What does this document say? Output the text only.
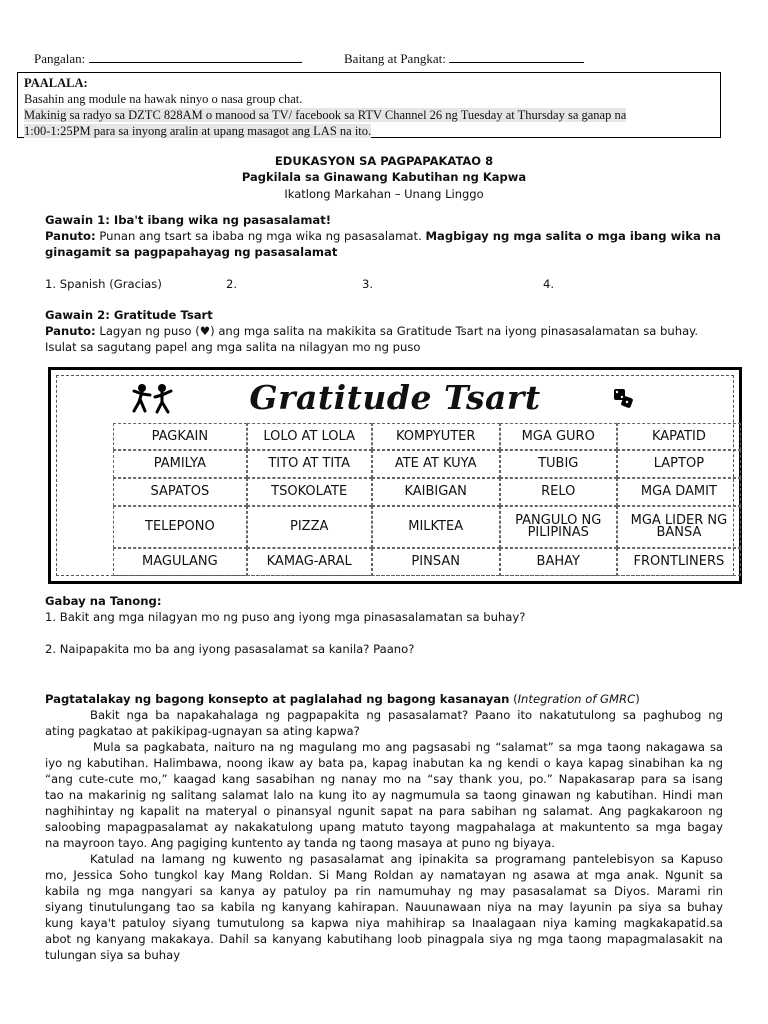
Pangalan:	Baitang at Pangkat:
PAALALA:
Basahin ang module na hawak ninyo o nasa group chat.
Makinig sa radyo sa DZTC 828AM o manood sa TV/ facebook sa RTV Channel 26 ng Tuesday at Thursday sa ganap na
1:00-1:25PM para sa inyong aralin at upang masagot ang LAS na ito.
EDUKASYON SA PAGPAPAKATAO 8
Pagkilala sa Ginawang Kabutihan ng Kapwa
Ikatlong Markahan – Unang Linggo
Gawain 1: Iba't ibang wika ng pasasalamat!
Panuto: Punan ang tsart sa ibaba ng mga wika ng pasasalamat. Magbigay ng mga salita o mga ibang wika na
ginagamit sa pagpapahayag ng pasasalamat
1. Spanish (Gracias)	2.	3.	4.
Gawain 2: Gratitude Tsart
Panuto: Lagyan ng puso (♥) ang mga salita na makikita sa Gratitude Tsart na iyong pinasasalamatan sa buhay.
Isulat sa sagutang papel ang mga salita na nilagyan mo ng puso
Gratitude Tsart
PAGKAIN	LOLO AT LOLA	KOMPYUTER	MGA GURO	KAPATID
PAMILYA	TITO AT TITA	ATE AT KUYA	TUBIG	LAPTOP
SAPATOS	TSOKOLATE	KAIBIGAN	RELO	MGA DAMIT
TELEPONO	PIZZA	MILKTEA	PANGULO NG PILIPINAS	MGA LIDER NG BANSA
MAGULANG	KAMAG-ARAL	PINSAN	BAHAY	FRONTLINERS
Gabay na Tanong:
1. Bakit ang mga nilagyan mo ng puso ang iyong mga pinasasalamatan sa buhay?
2. Naipapakita mo ba ang iyong pasasalamat sa kanila? Paano?
Pagtatalakay ng bagong konsepto at paglalahad ng bagong kasanayan (Integration of GMRC)
Bakit nga ba napakahalaga ng pagpapakita ng pasasalamat? Paano ito nakatutulong sa paghubog ng
ating pagkatao at pakikipag-ugnayan sa ating kapwa?
Mula sa pagkabata, naituro na ng magulang mo ang pagsasabi ng “salamat” sa mga taong nakagawa sa
iyo ng kabutihan. Halimbawa, noong ikaw ay bata pa, kapag inabutan ka ng kendi o kaya kapag sinabihan ka ng
“ang cute-cute mo,” kaagad kang sasabihan ng nanay mo na “say thank you, po.” Napakasarap para sa isang
tao na makarinig ng salitang salamat lalo na kung ito ay nagmumula sa taong ginawan ng kabutihan. Hindi man
naghihintay ng kapalit na materyal o pinansyal ngunit sapat na para sabihan ng salamat. Ang pagkakaroon ng
saloobing mapagpasalamat ay nakakatulong upang matuto tayong magpahalaga at makuntento sa mga bagay
na mayroon tayo. Ang pagiging kuntento ay tanda ng taong masaya at puno ng biyaya.
Katulad na lamang ng kuwento ng pasasalamat ang ipinakita sa programang pantelebisyon sa Kapuso
mo, Jessica Soho tungkol kay Mang Roldan. Si Mang Roldan ay namatayan ng asawa at mga anak. Ngunit sa
kabila ng mga nangyari sa kanya ay patuloy pa rin namumuhay ng may pasasalamat sa Diyos. Marami rin
siyang tinutulungang tao sa kabila ng kanyang kahirapan. Nauunawaan niya na may layunin pa siya sa buhay
kung kaya't patuloy siyang tumutulong sa kapwa niya mahihirap sa Inaalagaan niya kaming magkakapatid.sa
abot ng kanyang makakaya. Dahil sa kanyang kabutihang loob pinagpala siya ng mga taong mapagmalasakit na
tulungan siya sa buhay
